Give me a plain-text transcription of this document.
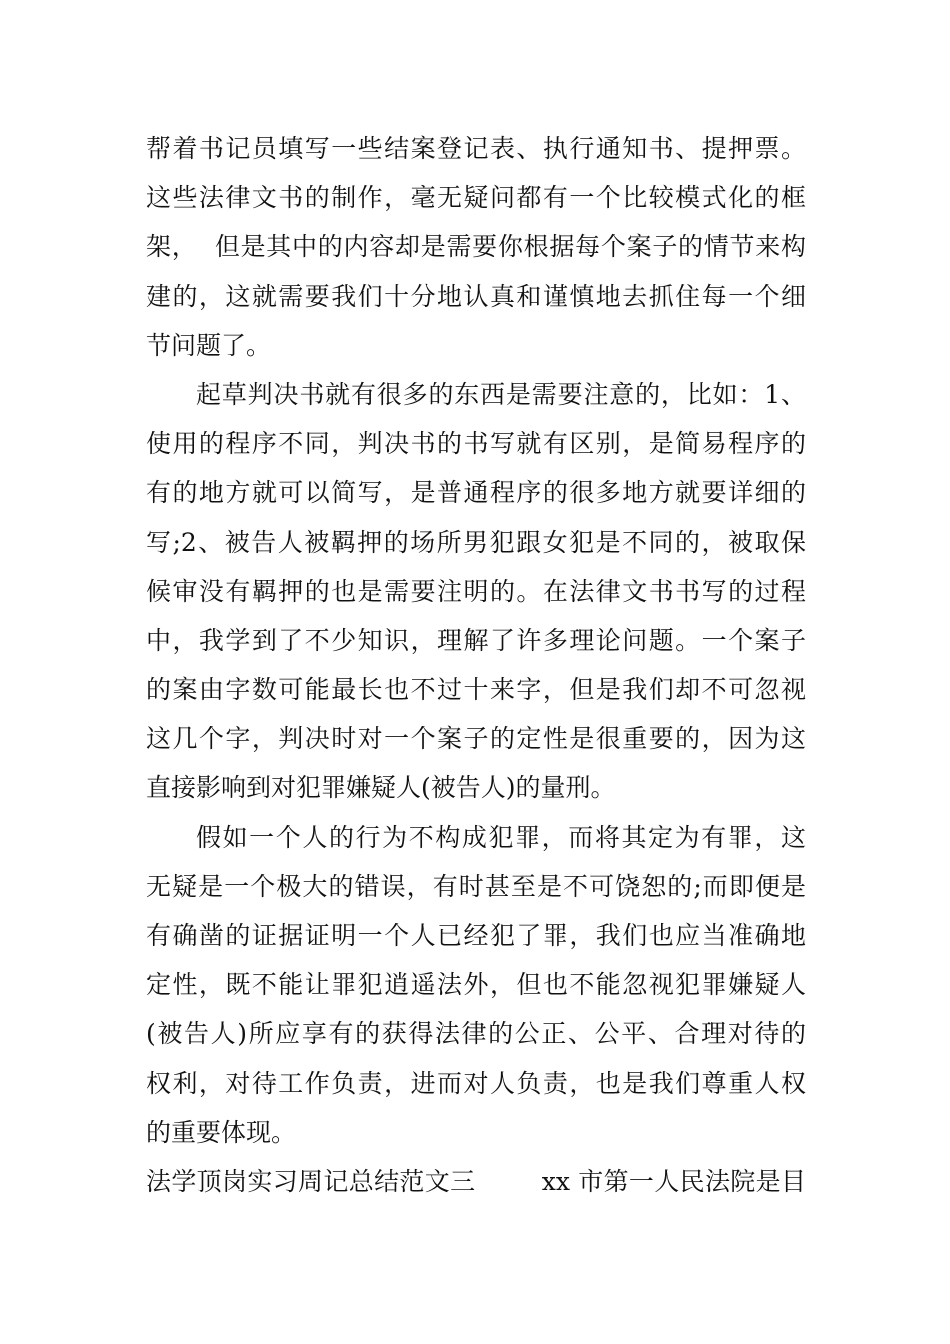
帮着书记员填写一些结案登记表、执行通知书、提押票。

这些法律文书的制作，毫无疑问都有一个比较模式化的框

架，  但是其中的内容却是需要你根据每个案子的情节来构

建的，这就需要我们十分地认真和谨慎地去抓住每一个细

节问题了。

起草判决书就有很多的东西是需要注意的，比如：1、

使用的程序不同，判决书的书写就有区别，是简易程序的

有的地方就可以简写，是普通程序的很多地方就要详细的

写;2、被告人被羁押的场所男犯跟女犯是不同的，被取保

候审没有羁押的也是需要注明的。在法律文书书写的过程

中，我学到了不少知识，理解了许多理论问题。一个案子

的案由字数可能最长也不过十来字，但是我们却不可忽视

这几个字，判决时对一个案子的定性是很重要的，因为这

直接影响到对犯罪嫌疑人(被告人)的量刑。

假如一个人的行为不构成犯罪，而将其定为有罪，这

无疑是一个极大的错误，有时甚至是不可饶恕的;而即便是

有确凿的证据证明一个人已经犯了罪，我们也应当准确地

定性，既不能让罪犯逍遥法外，但也不能忽视犯罪嫌疑人

(被告人)所应享有的获得法律的公正、公平、合理对待的

权利，对待工作负责，进而对人负责，也是我们尊重人权

的重要体现。

法学顶岗实习周记总结范文三        xx 市第一人民法院是目
